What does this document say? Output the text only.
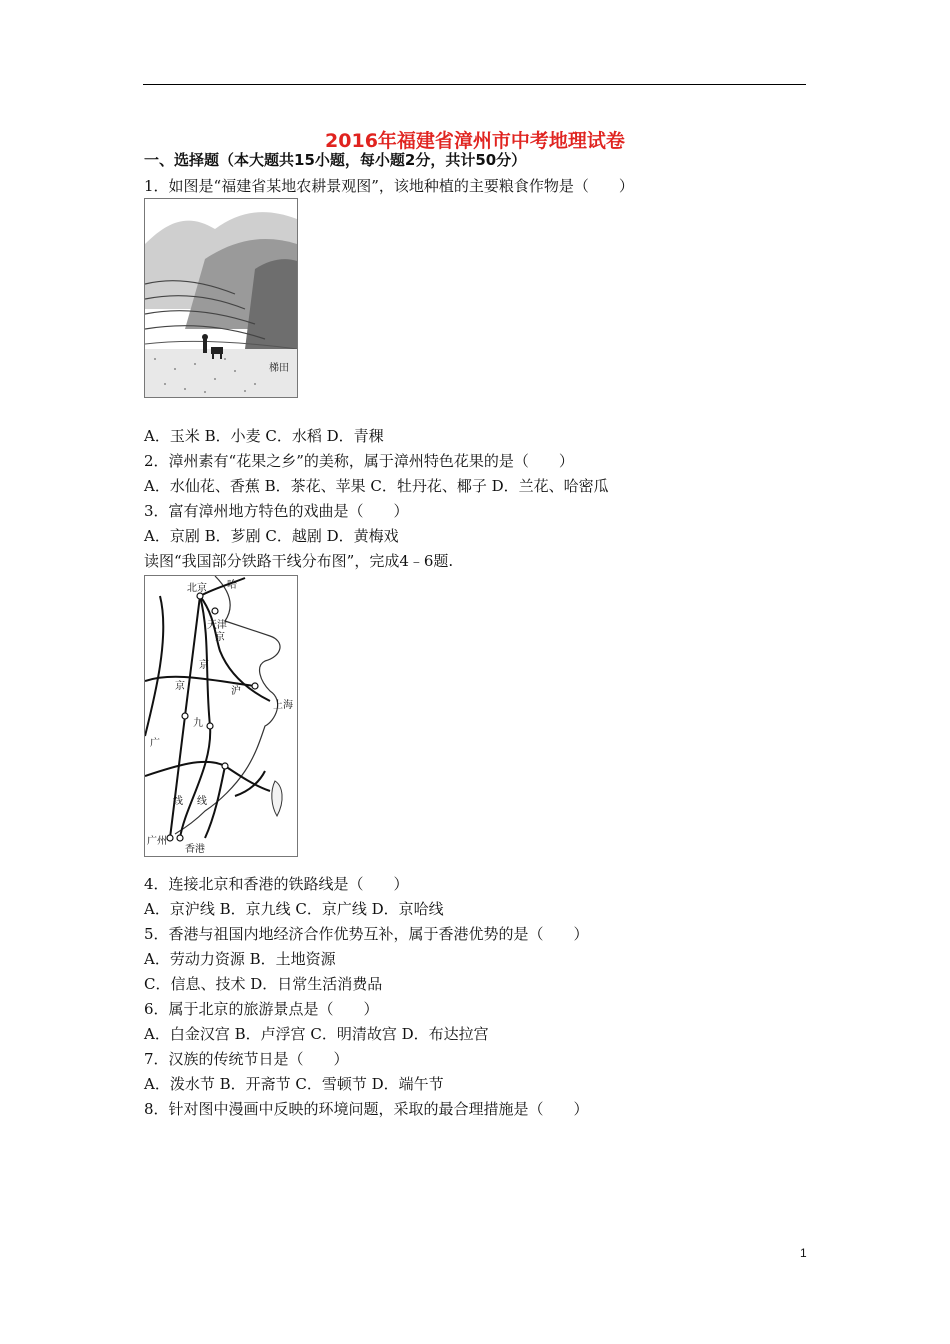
2016年福建省漳州市中考地理试卷
一、选择题（本大题共15小题，每小题2分，共计50分）
1．如图是“福建省某地农耕景观图”，该地种植的主要粮食作物是（　　）
梯田
A．玉米 B．小麦 C．水稻 D．青稞
2．漳州素有“花果之乡”的美称，属于漳州特色花果的是（　　）
A．水仙花、香蕉 B．茶花、苹果 C．牡丹花、椰子 D．兰花、哈密瓜
3．富有漳州地方特色的戏曲是（　　）
A．京剧 B．芗剧 C．越剧 D．黄梅戏
读图“我国部分铁路干线分布图”，完成4﹣6题.
北京 哈
天津
京
京
京	沪
上海
九
广
线 线
广州
香港
4．连接北京和香港的铁路线是（　　）
A．京沪线 B．京九线 C．京广线 D．京哈线
5．香港与祖国内地经济合作优势互补，属于香港优势的是（　　）
A．劳动力资源 B．土地资源
C．信息、技术 D．日常生活消费品
6．属于北京的旅游景点是（　　）
A．白金汉宫 B．卢浮宫 C．明清故宫 D．布达拉宫
7．汉族的传统节日是（　　）
A．泼水节 B．开斋节 C．雪顿节 D．端午节
8．针对图中漫画中反映的环境问题，采取的最合理措施是（　　）
1
